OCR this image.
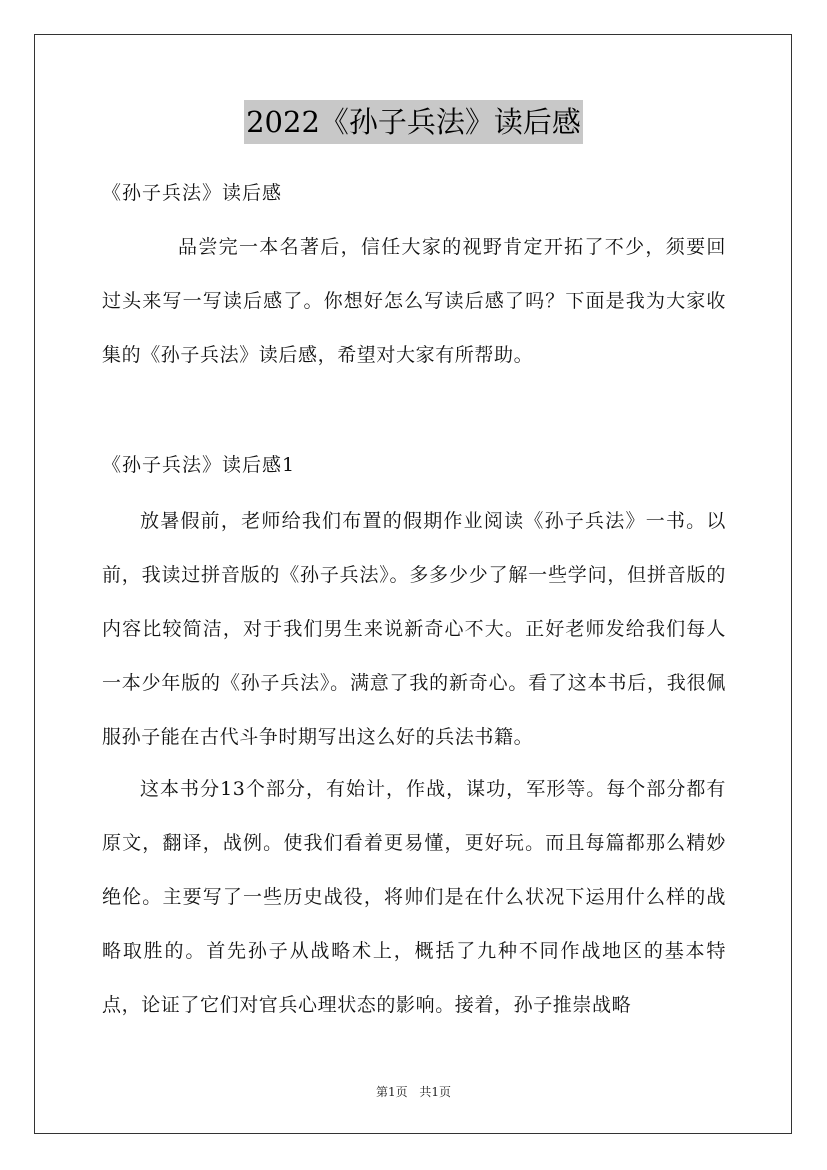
2022《孙子兵法》读后感

《孙子兵法》读后感

品尝完一本名著后，信任大家的视野肯定开拓了不少，须要回过头来写一写读后感了。你想好怎么写读后感了吗？下面是我为大家收集的《孙子兵法》读后感，希望对大家有所帮助。

《孙子兵法》读后感1

放暑假前，老师给我们布置的假期作业阅读《孙子兵法》一书。以前，我读过拼音版的《孙子兵法》。多多少少了解一些学问，但拼音版的内容比较简洁，对于我们男生来说新奇心不大。正好老师发给我们每人一本少年版的《孙子兵法》。满意了我的新奇心。看了这本书后，我很佩服孙子能在古代斗争时期写出这么好的兵法书籍。

这本书分13个部分，有始计，作战，谋功，军形等。每个部分都有原文，翻译，战例。使我们看着更易懂，更好玩。而且每篇都那么精妙绝伦。主要写了一些历史战役，将帅们是在什么状况下运用什么样的战略取胜的。首先孙子从战略术上，概括了九种不同作战地区的基本特点，论证了它们对官兵心理状态的影响。接着，孙子推崇战略

第1页 共1页
